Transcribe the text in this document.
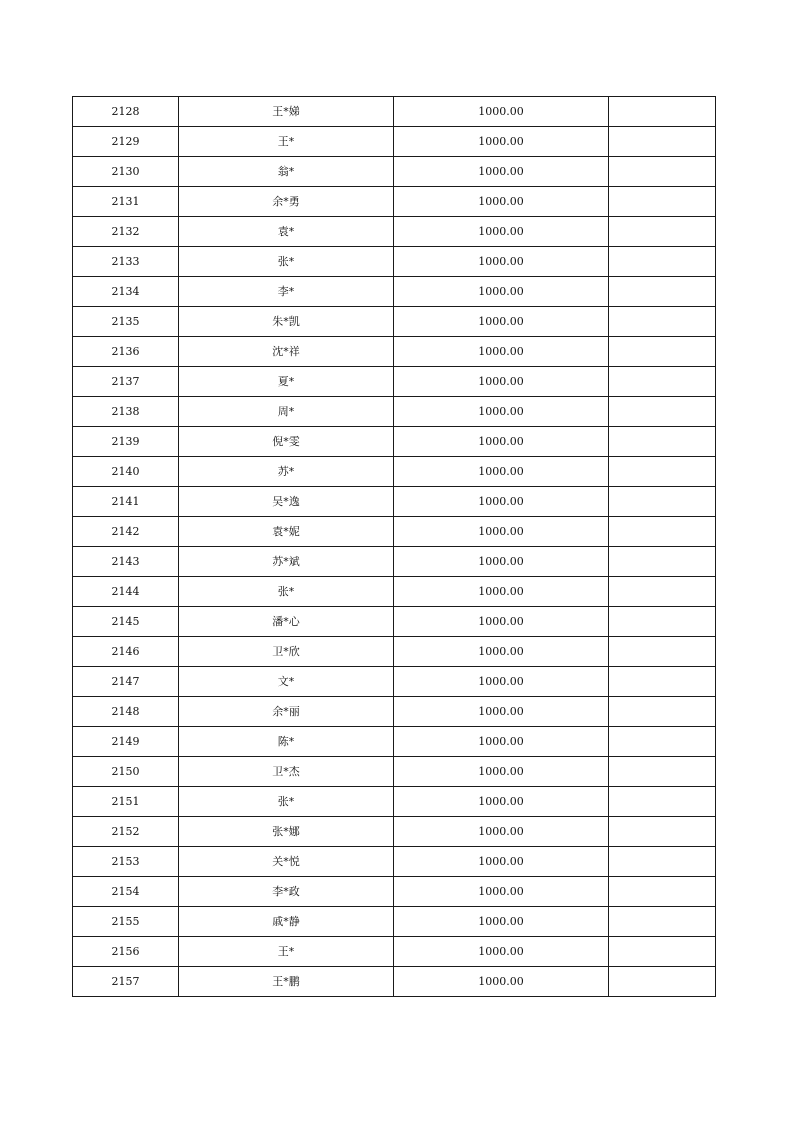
2128	王*娣	1000.00	
2129	王*	1000.00	
2130	翁*	1000.00	
2131	余*勇	1000.00	
2132	袁*	1000.00	
2133	张*	1000.00	
2134	李*	1000.00	
2135	朱*凯	1000.00	
2136	沈*祥	1000.00	
2137	夏*	1000.00	
2138	周*	1000.00	
2139	倪*雯	1000.00	
2140	苏*	1000.00	
2141	吴*逸	1000.00	
2142	袁*妮	1000.00	
2143	苏*斌	1000.00	
2144	张*	1000.00	
2145	潘*心	1000.00	
2146	卫*欣	1000.00	
2147	文*	1000.00	
2148	余*丽	1000.00	
2149	陈*	1000.00	
2150	卫*杰	1000.00	
2151	张*	1000.00	
2152	张*娜	1000.00	
2153	关*悦	1000.00	
2154	李*政	1000.00	
2155	戚*静	1000.00	
2156	王*	1000.00	
2157	王*鹏	1000.00	
